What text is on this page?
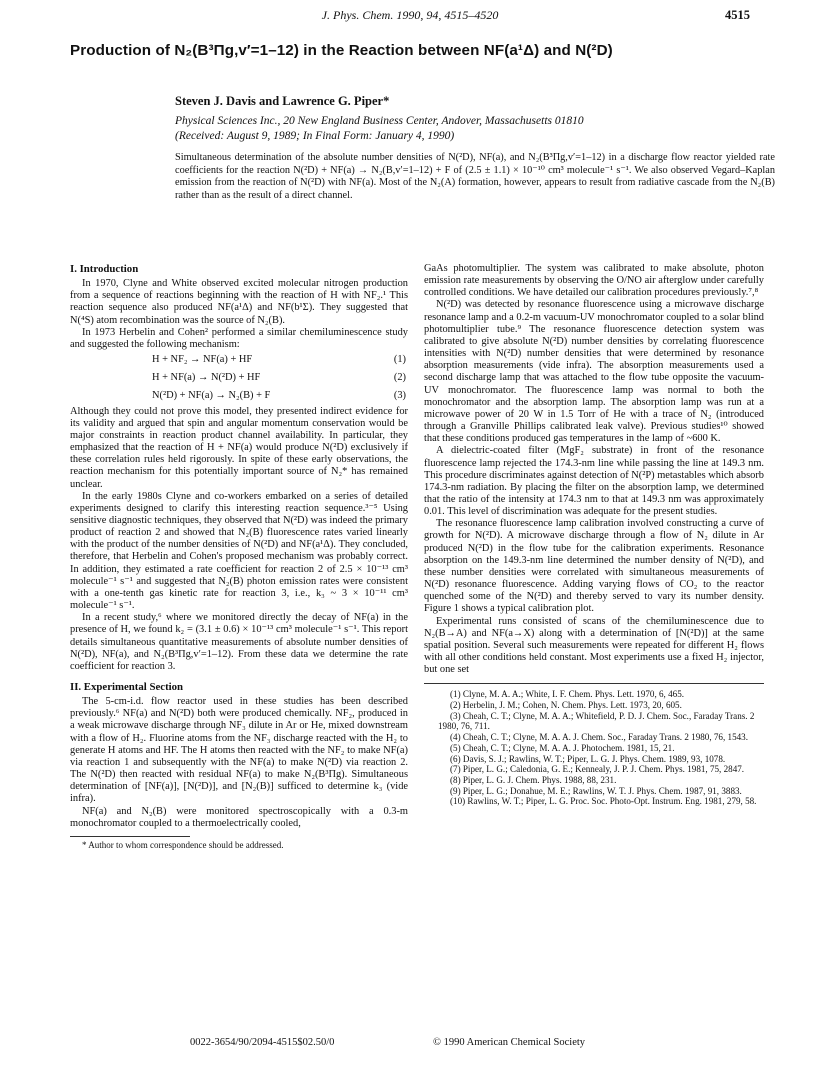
J. Phys. Chem. 1990, 94, 4515–4520	4515
Production of N₂(B³Πg,v′=1–12) in the Reaction between NF(a¹Δ) and N(²D)
Steven J. Davis and Lawrence G. Piper*
Physical Sciences Inc., 20 New England Business Center, Andover, Massachusetts 01810
(Received: August 9, 1989; In Final Form: January 4, 1990)
Simultaneous determination of the absolute number densities of N(²D), NF(a), and N₂(B³Πg,v′=1–12) in a discharge flow reactor yielded rate coefficients for the reaction N(²D) + NF(a) → N₂(B,v′=1–12) + F of (2.5 ± 1.1) × 10⁻¹⁰ cm³ molecule⁻¹ s⁻¹. We also observed Vegard–Kaplan emission from the reaction of N(²D) with NF(a). Most of the N₂(A) formation, however, appears to result from radiative cascade from the N₂(B) rather than as the result of a direct channel.
I. Introduction

In 1970, Clyne and White observed excited molecular nitrogen production from a sequence of reactions beginning with the reaction of H with NF₂.¹ This reaction sequence also produced NF(a¹Δ) and NF(b¹Σ). They suggested that N(⁴S) atom recombination was the source of N₂(B).

In 1973 Herbelin and Cohen² performed a similar chemiluminescence study and suggested the following mechanism:

H + NF₂ → NF(a) + HF	(1)
H + NF(a) → N(²D) + HF	(2)
N(²D) + NF(a) → N₂(B) + F	(3)

Although they could not prove this model, they presented indirect evidence for its validity and argued that spin and angular momentum conservation would be major constraints in reaction product channel availability. In particular, they emphasized that the reaction of H + NF(a) would produce N(²D) exclusively if these correlation rules held rigorously. In spite of these early observations, the reaction mechanism for this potentially important source of N₂* has remained unclear.

In the early 1980s Clyne and co-workers embarked on a series of detailed experiments designed to clarify this interesting reaction sequence.³⁻⁵ Using sensitive diagnostic techniques, they observed that N(²D) was indeed the primary product of reaction 2 and showed that N₂(B) fluorescence rates varied linearly with the product of the number densities of N(²D) and NF(a¹Δ). They concluded, therefore, that Herbelin and Cohen's proposed mechanism was probably correct. In addition, they estimated a rate coefficient for reaction 2 of 2.5 × 10⁻¹³ cm³ molecule⁻¹ s⁻¹ and suggested that N₂(B) photon emission rates were consistent with a one-tenth gas kinetic rate for reaction 3, i.e., k₃ ~ 3 × 10⁻¹¹ cm³ molecule⁻¹ s⁻¹.

In a recent study,⁶ where we monitored directly the decay of NF(a) in the presence of H, we found k₂ = (3.1 ± 0.6) × 10⁻¹³ cm³ molecule⁻¹ s⁻¹. This report details simultaneous quantitative measurements of absolute number densities of N(²D), NF(a), and N₂(B³Πg,v′=1–12). From these data we determine the rate coefficient for reaction 3.

II. Experimental Section

The 5-cm-i.d. flow reactor used in these studies has been described previously.⁶ NF(a) and N(²D) both were produced chemically. NF₂, produced in a weak microwave discharge through NF₃ dilute in Ar or He, mixed downstream with a flow of H₂. Fluorine atoms from the NF₃ discharge reacted with the H₂ to generate H atoms and HF. The H atoms then reacted with the NF₂ to make NF(a) via reaction 1 and subsequently with the NF(a) to make N(²D) via reaction 2. The N(²D) then reacted with residual NF(a) to make N₂(B³Πg). Simultaneous determination of [NF(a)], [N(²D)], and [N₂(B)] sufficed to determine k₃ (vide infra).

NF(a) and N₂(B) were monitored spectroscopically with a 0.3-m monochromator coupled to a thermoelectrically cooled,

* Author to whom correspondence should be addressed.

GaAs photomultiplier. The system was calibrated to make absolute, photon emission rate measurements by observing the O/NO air afterglow under carefully controlled conditions. We have detailed our calibration procedures previously.⁷,⁸

N(²D) was detected by resonance fluorescence using a microwave discharge resonance lamp and a 0.2-m vacuum-UV monochromator coupled to a solar blind photomultiplier tube.⁹ The resonance fluorescence detection system was calibrated to give absolute N(²D) number densities by correlating fluorescence intensities with N(²D) number densities that were determined by resonance absorption measurements (vide infra). The absorption measurements used a second discharge lamp that was attached to the flow tube opposite the vacuum-UV monochromator. The fluorescence lamp was normal to both the monochromator and the absorption lamp. The absorption lamp was run at a microwave power of 20 W in 1.5 Torr of He with a trace of N₂ (introduced through a Granville Phillips calibrated leak valve). Previous studies¹⁰ showed that these conditions produced gas temperatures in the lamp of ~600 K.

A dielectric-coated filter (MgF₂ substrate) in front of the resonance fluorescence lamp rejected the 174.3-nm line while passing the line at 149.3 nm. This procedure discriminates against detection of N(²P) metastables which absorb 174.3-nm radiation. By placing the filter on the absorption lamp, we determined that the ratio of the intensity at 174.3 nm to that at 149.3 nm was approximately 0.01. This level of discrimination was adequate for the present studies.

The resonance fluorescence lamp calibration involved constructing a curve of growth for N(²D). A microwave discharge through a flow of N₂ dilute in Ar produced N(²D) in the flow tube for the calibration experiments. Resonance absorption on the 149.3-nm line determined the number density of N(²D), and these number densities were correlated with simultaneous measurements of N(²D) resonance fluorescence. Adding varying flows of CO₂ to the reactor quenched some of the N(²D) and thereby served to vary its number density. Figure 1 shows a typical calibration plot.

Experimental runs consisted of scans of the chemiluminescence due to N₂(B→A) and NF(a→X) along with a determination of [N(²D)] at the same spatial position. Several such measurements were repeated for different H₂ flows with all other conditions held constant. Most experiments use a fixed H₂ injector, but one set

(1) Clyne, M. A. A.; White, I. F. Chem. Phys. Lett. 1970, 6, 465.

(2) Herbelin, J. M.; Cohen, N. Chem. Phys. Lett. 1973, 20, 605.

(3) Cheah, C. T.; Clyne, M. A. A.; Whitefield, P. D. J. Chem. Soc., Faraday Trans. 2 1980, 76, 711.

(4) Cheah, C. T.; Clyne, M. A. A. J. Chem. Soc., Faraday Trans. 2 1980, 76, 1543.

(5) Cheah, C. T.; Clyne, M. A. A. J. Photochem. 1981, 15, 21.

(6) Davis, S. J.; Rawlins, W. T.; Piper, L. G. J. Phys. Chem. 1989, 93, 1078.

(7) Piper, L. G.; Caledonia, G. E.; Kennealy, J. P. J. Chem. Phys. 1981, 75, 2847.

(8) Piper, L. G. J. Chem. Phys. 1988, 88, 231.

(9) Piper, L. G.; Donahue, M. E.; Rawlins, W. T. J. Phys. Chem. 1987, 91, 3883.

(10) Rawlins, W. T.; Piper, L. G. Proc. Soc. Photo-Opt. Instrum. Eng. 1981, 279, 58.

0022-3654/90/2094-4515$02.50/0	© 1990 American Chemical Society
